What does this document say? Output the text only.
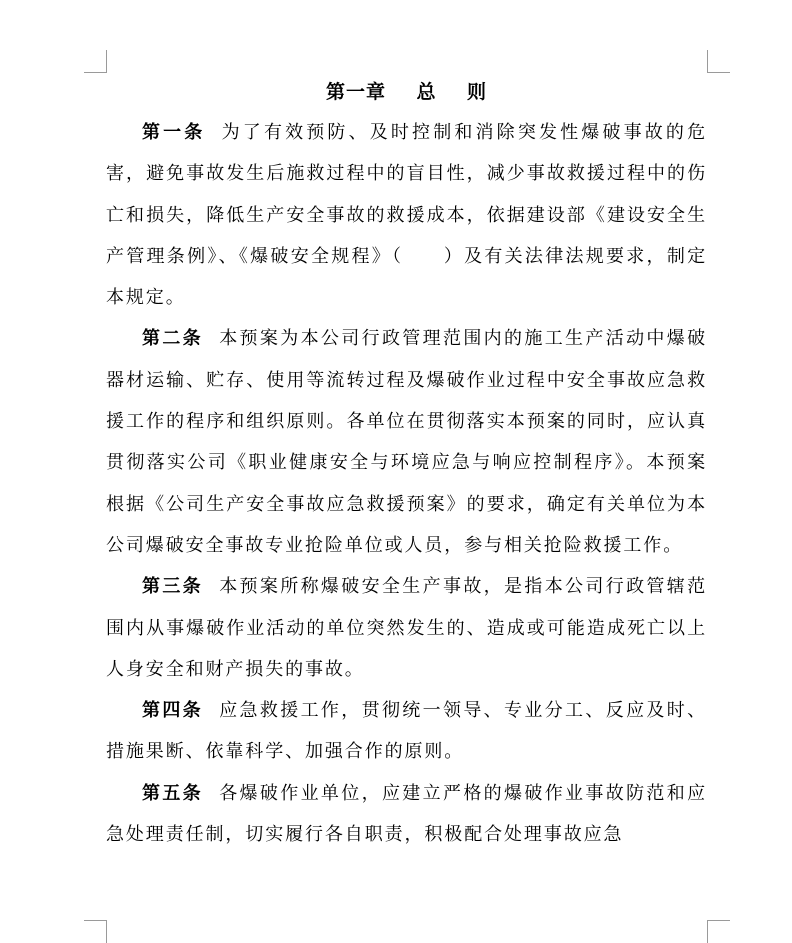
第一章    总    则

第一条 为了有效预防、及时控制和消除突发性爆破事故的危害，避免事故发生后施救过程中的盲目性，减少事故救援过程中的伤亡和损失，降低生产安全事故的救援成本，依据建设部《建设安全生产管理条例》、《爆破安全规程》（　　）及有关法律法规要求，制定本规定。

第二条 本预案为本公司行政管理范围内的施工生产活动中爆破器材运输、贮存、使用等流转过程及爆破作业过程中安全事故应急救援工作的程序和组织原则。各单位在贯彻落实本预案的同时，应认真贯彻落实公司《职业健康安全与环境应急与响应控制程序》。本预案根据《公司生产安全事故应急救援预案》的要求，确定有关单位为本公司爆破安全事故专业抢险单位或人员，参与相关抢险救援工作。

第三条 本预案所称爆破安全生产事故，是指本公司行政管辖范围内从事爆破作业活动的单位突然发生的、造成或可能造成死亡以上人身安全和财产损失的事故。

第四条 应急救援工作，贯彻统一领导、专业分工、反应及时、措施果断、依靠科学、加强合作的原则。

第五条 各爆破作业单位，应建立严格的爆破作业事故防范和应急处理责任制，切实履行各自职责，积极配合处理事故应急
